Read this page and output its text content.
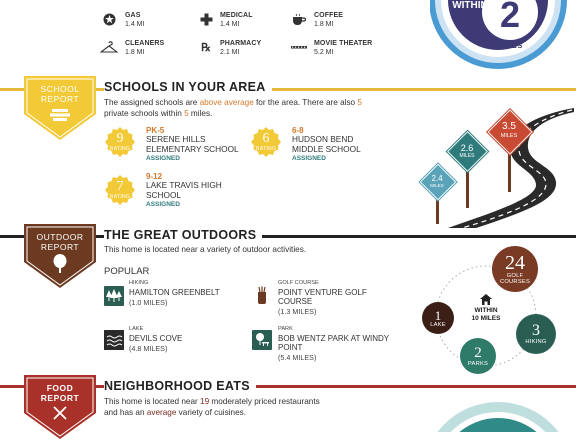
GAS
1.4 MI
MEDICAL
1.4 MI
COFFEE
1.8 MI
CLEANERS
1.8 MI	℞ PHARMACY
2.1 MI
MOVIE THEATER
5.2 MI
WITHIN 2
MILES
SCHOOL
REPORT
SCHOOLS IN YOUR AREA
The assigned schools are above average for the area. There are also 5
private schools within 5 miles.
9
RATING
PK-5
SERENE HILLS
ELEMENTARY SCHOOL
ASSIGNED
6
RATING
6-8
HUDSON BEND
MIDDLE SCHOOL
ASSIGNED
7
RATING
9-12
LAKE TRAVIS HIGH
SCHOOL
ASSIGNED
3.5
MILES
2.6
MILES
2.4
MILES
OUTDOOR
REPORT
THE GREAT OUTDOORS
This home is located near a variety of outdoor activities.
POPULAR
HIKING
HAMILTON GREENBELT
(1.0 MILES)
GOLF COURSE
POINT VENTURE GOLF
COURSE
(1.3 MILES)
LAKE
DEVILS COVE
(4.8 MILES)
PARK
BOB WENTZ PARK AT WINDY
POINT
(5.4 MILES)
24
GOLF
COURSES
1
LAKE	3
HIKING
2
PARKS
WITHIN
10 MILES
FOOD
REPORT
NEIGHBORHOOD EATS
This home is located near 19 moderately priced restaurants
and has an average variety of cuisines.
